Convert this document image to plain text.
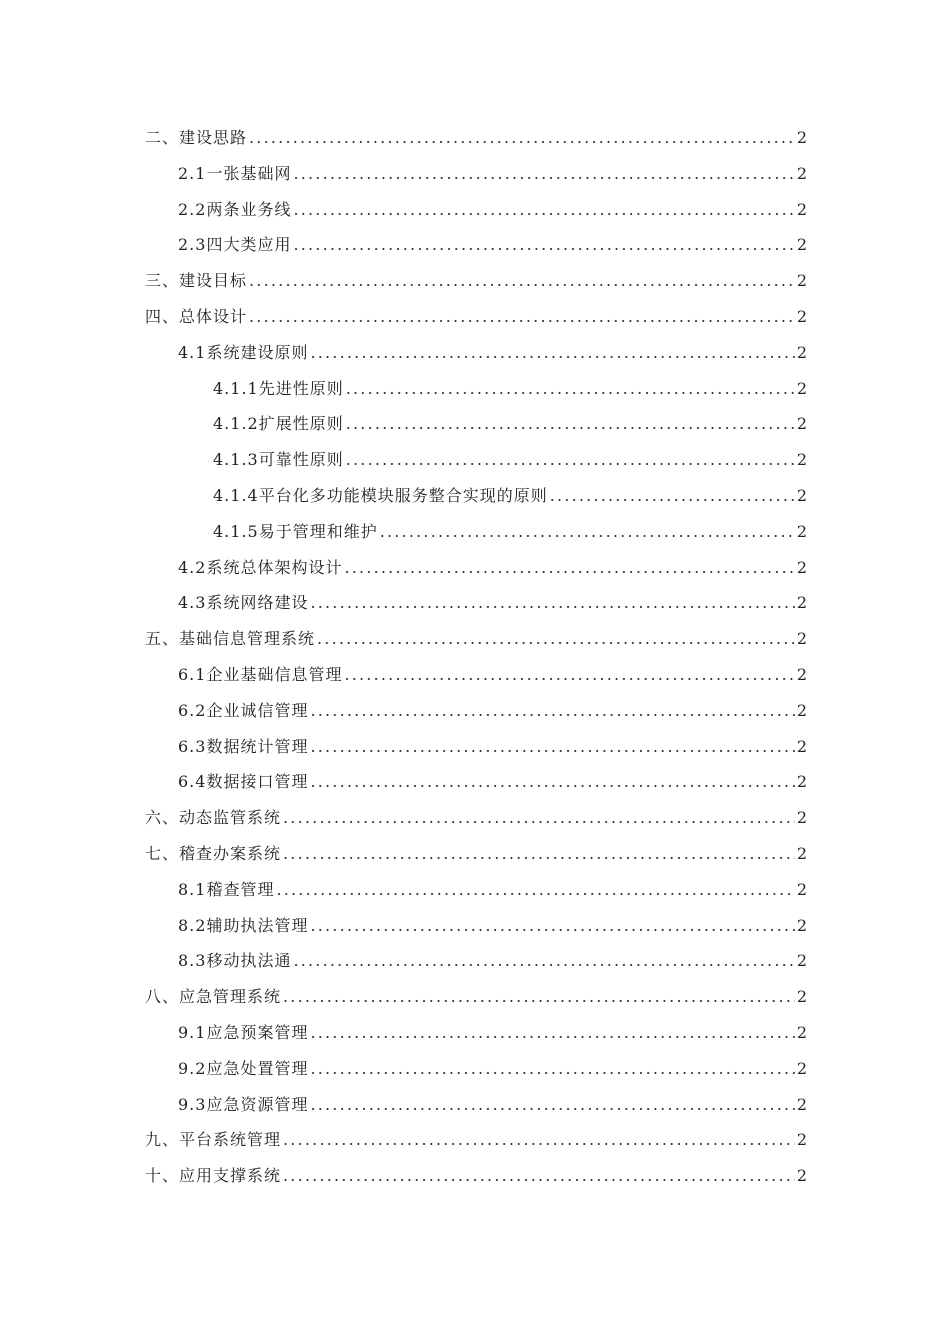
二、建设思路 .....	2
2.1一张基础网 .....	2
2.2两条业务线 .....	2
2.3四大类应用 .....	2
三、建设目标 .....	2
四、总体设计 .....	2
4.1系统建设原则 .....	2
4.1.1先进性原则 .....	2
4.1.2扩展性原则 .....	2
4.1.3可靠性原则 .....	2
4.1.4平台化多功能模块服务整合实现的原则 .....	2
4.1.5易于管理和维护 .....	2
4.2系统总体架构设计 .....	2
4.3系统网络建设 .....	2
五、基础信息管理系统 .....	2
6.1企业基础信息管理 .....	2
6.2企业诚信管理 .....	2
6.3数据统计管理 .....	2
6.4数据接口管理 .....	2
六、动态监管系统 .....	2
七、稽查办案系统 .....	2
8.1稽查管理 .....	2
8.2辅助执法管理 .....	2
8.3移动执法通 .....	2
八、应急管理系统 .....	2
9.1应急预案管理 .....	2
9.2应急处置管理 .....	2
9.3应急资源管理 .....	2
九、平台系统管理 .....	2
十、应用支撑系统 .....	2
